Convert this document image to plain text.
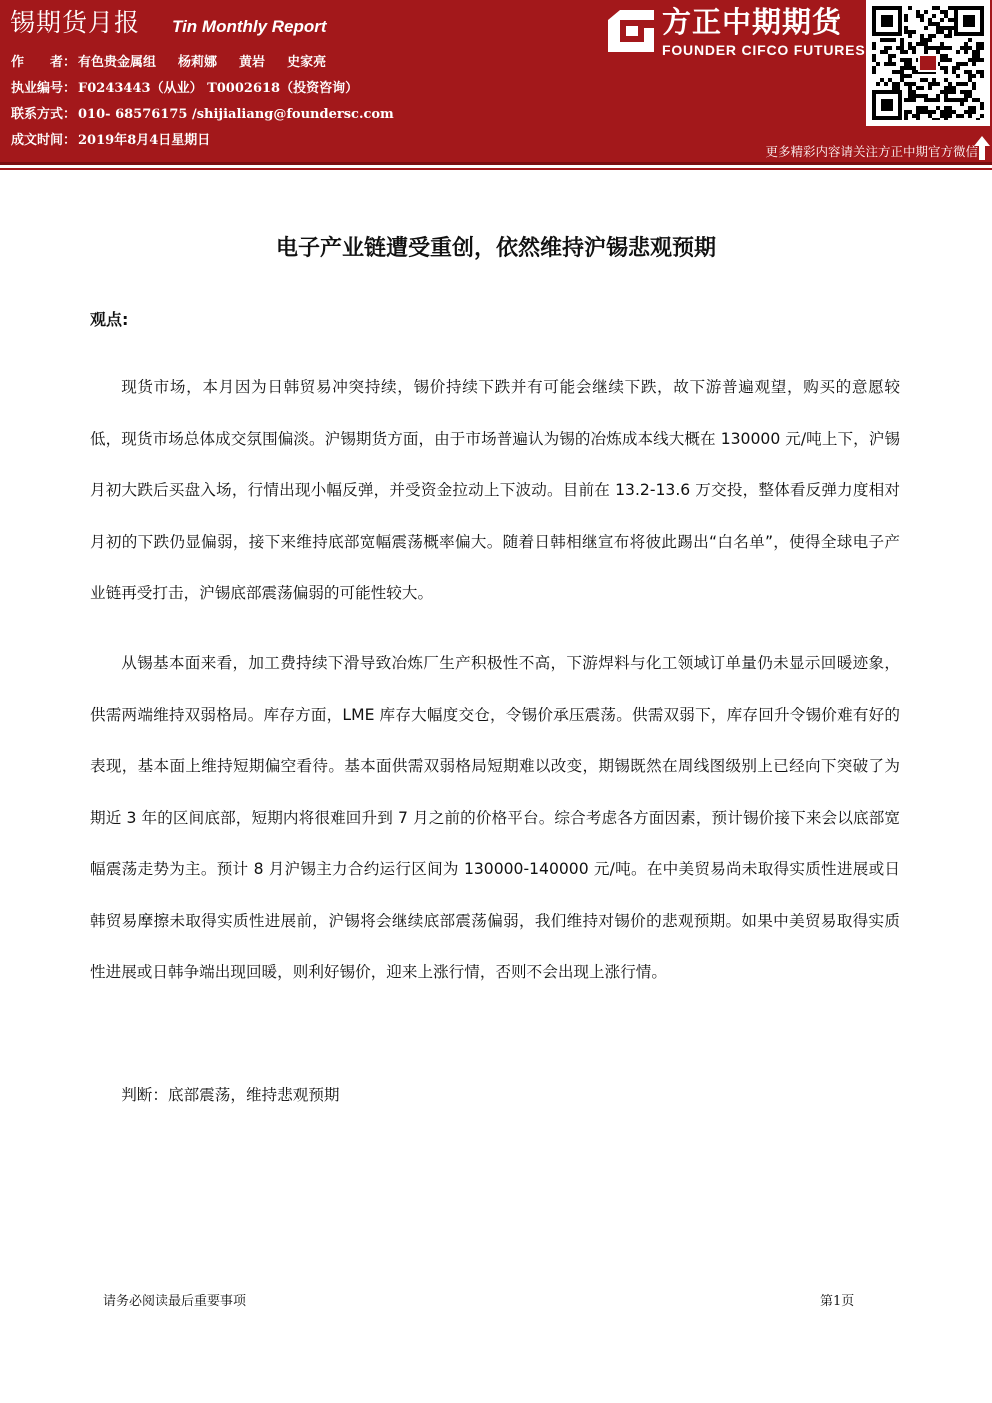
锡期货月报 Tin Monthly Report
作　　者： 有色贵金属组 杨莉娜 黄岩 史家亮
执业编号： F0243443（从业） T0002618（投资咨询）
联系方式： 010- 68576175 /shijialiang@foundersc.com
成文时间： 2019年8月4日星期日
方正中期期货
FOUNDER CIFCO FUTURES
更多精彩内容请关注方正中期官方微信
电子产业链遭受重创，依然维持沪锡悲观预期
观点:

现货市场，本月因为日韩贸易冲突持续，锡价持续下跌并有可能会继续下跌，故下游普遍观望，购买的意愿较低，现货市场总体成交氛围偏淡。沪锡期货方面，由于市场普遍认为锡的冶炼成本线大概在 130000 元/吨上下，沪锡月初大跌后买盘入场，行情出现小幅反弹，并受资金拉动上下波动。目前在 13.2-13.6 万交投，整体看反弹力度相对月初的下跌仍显偏弱，接下来维持底部宽幅震荡概率偏大。随着日韩相继宣布将彼此踢出“白名单”，使得全球电子产业链再受打击，沪锡底部震荡偏弱的可能性较大。

从锡基本面来看，加工费持续下滑导致冶炼厂生产积极性不高，下游焊料与化工领域订单量仍未显示回暖迹象，供需两端维持双弱格局。库存方面，LME 库存大幅度交仓，令锡价承压震荡。供需双弱下，库存回升令锡价难有好的表现，基本面上维持短期偏空看待。基本面供需双弱格局短期难以改变，期锡既然在周线图级别上已经向下突破了为期近 3 年的区间底部，短期内将很难回升到 7 月之前的价格平台。综合考虑各方面因素，预计锡价接下来会以底部宽幅震荡走势为主。预计 8 月沪锡主力合约运行区间为 130000-140000 元/吨。在中美贸易尚未取得实质性进展或日韩贸易摩擦未取得实质性进展前，沪锡将会继续底部震荡偏弱，我们维持对锡价的悲观预期。如果中美贸易取得实质性进展或日韩争端出现回暖，则利好锡价，迎来上涨行情，否则不会出现上涨行情。

判断：底部震荡，维持悲观预期

请务必阅读最后重要事项	第1页
